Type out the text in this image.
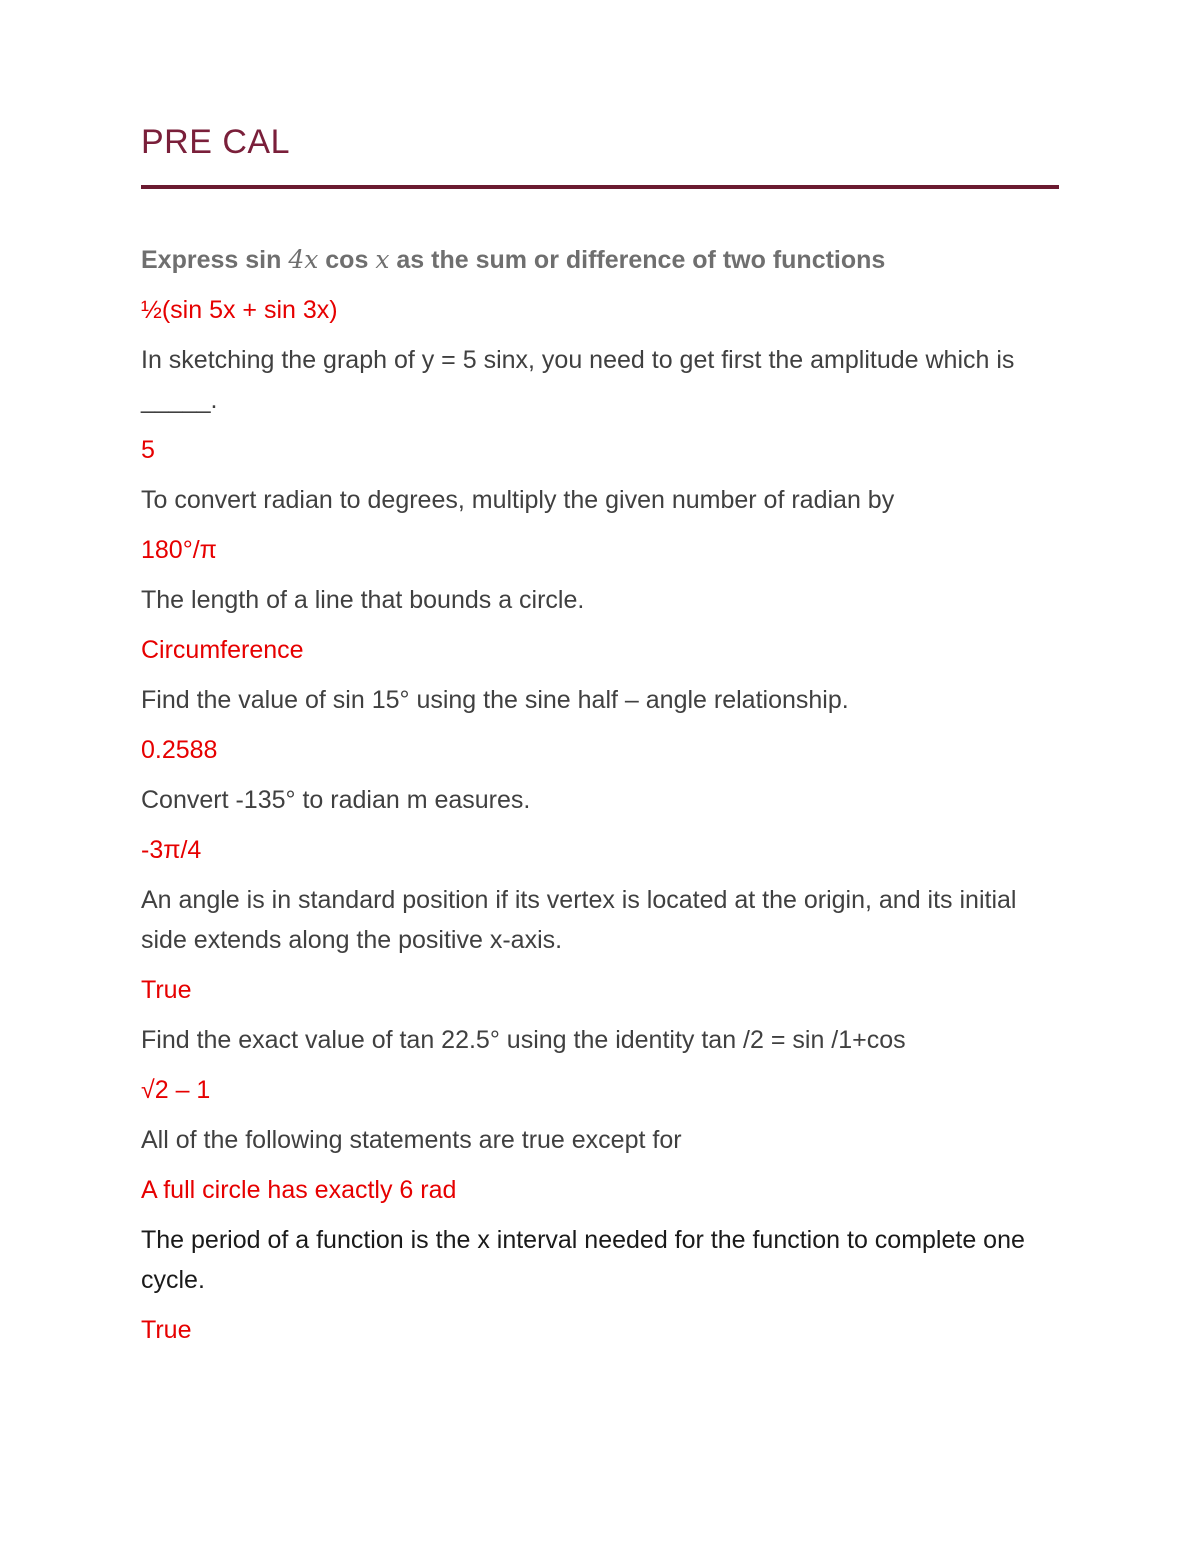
PRE CAL

Express sin 4x cos x as the sum or difference of two functions

½(sin 5x + sin 3x)

In sketching the graph of y = 5 sinx, you need to get first the amplitude which is _____.

5

To convert radian to degrees, multiply the given number of radian by

180°/π

The length of a line that bounds a circle.

Circumference

Find the value of sin 15° using the sine half – angle relationship.

0.2588

Convert -135° to radian m easures.

-3π/4

An angle is in standard position if its vertex is located at the origin, and its initial side extends along the positive x-axis.

True

Find the exact value of tan 22.5° using the identity tan /2 = sin /1+cos

√2 – 1

All of the following statements are true except for

A full circle has exactly 6 rad

The period of a function is the x interval needed for the function to complete one cycle.

True
